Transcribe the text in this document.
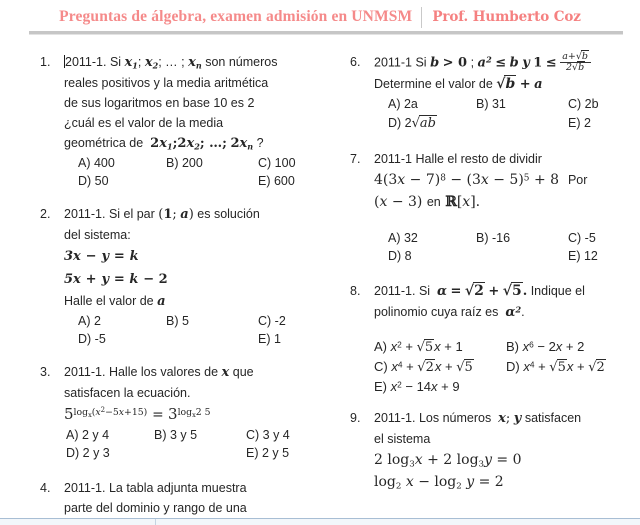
Preguntas de álgebra, examen admisión en UNMSM	Prof. Humberto Coz
1.	2011-1. Si $x_1$; $x_2$; … ; $x_n$ son números
reales positivos y la media aritmética
de sus logaritmos en base 10 es 2
¿cuál es el valor de la media
geométrica de  $2x_1;2x_2$; …; $2x_n$ ?
A) 400	B) 200	C) 100
D) 50	E) 600
2.	2011-1. Si el par (1; a) es solución
del sistema:
3x − y = k
5x + y = k − 2
Halle el valor de a
A) 2	B) 5	C) -2
D) -5	E) 1
3.	2011-1. Halle los valores de x que
satisfacen la ecuación.
$5^{log_x(x^2-5x+15)} = 3^{log_x2 5}$
A) 2 y 4	B) 3 y 5	C) 3 y 4
D) 2 y 3	E) 2 y 5
4.	2011-1. La tabla adjunta muestra
parte del dominio y rango de una
6.	2011-1 Si b > 0 ; $a^2 \le b$ y $1 \le \frac{a+√b}{2√b}$
Determine el valor de √b + a
A) 2a	B) 31	C) 2b
D) 2√ab	E) 2
7.	2011-1 Halle el resto de dividir
$4(3x - 7)^8 - (3x - 5)^5 + 8$  Por
(x − 3) en ℝ[x].
A) 32	B) -16	C) -5
D) 8	E) 12
8.	2011-1. Si  α = √2 + √5. Indique el
polinomio cuya raíz es  $\alpha^2$.
A) $x^2 + √5x + 1$	B) $x^6 - 2x + 2$
C) $x^4 + √2x + √5$	D) $x^4 + √5x + √2$
E) $x^2 - 14x + 9$
9.	2011-1. Los números  x; y satisfacen
el sistema
2 $\log_3x + 2$ $\log_3y = 0$
$\log_2 x - \log_2 y = 2$
